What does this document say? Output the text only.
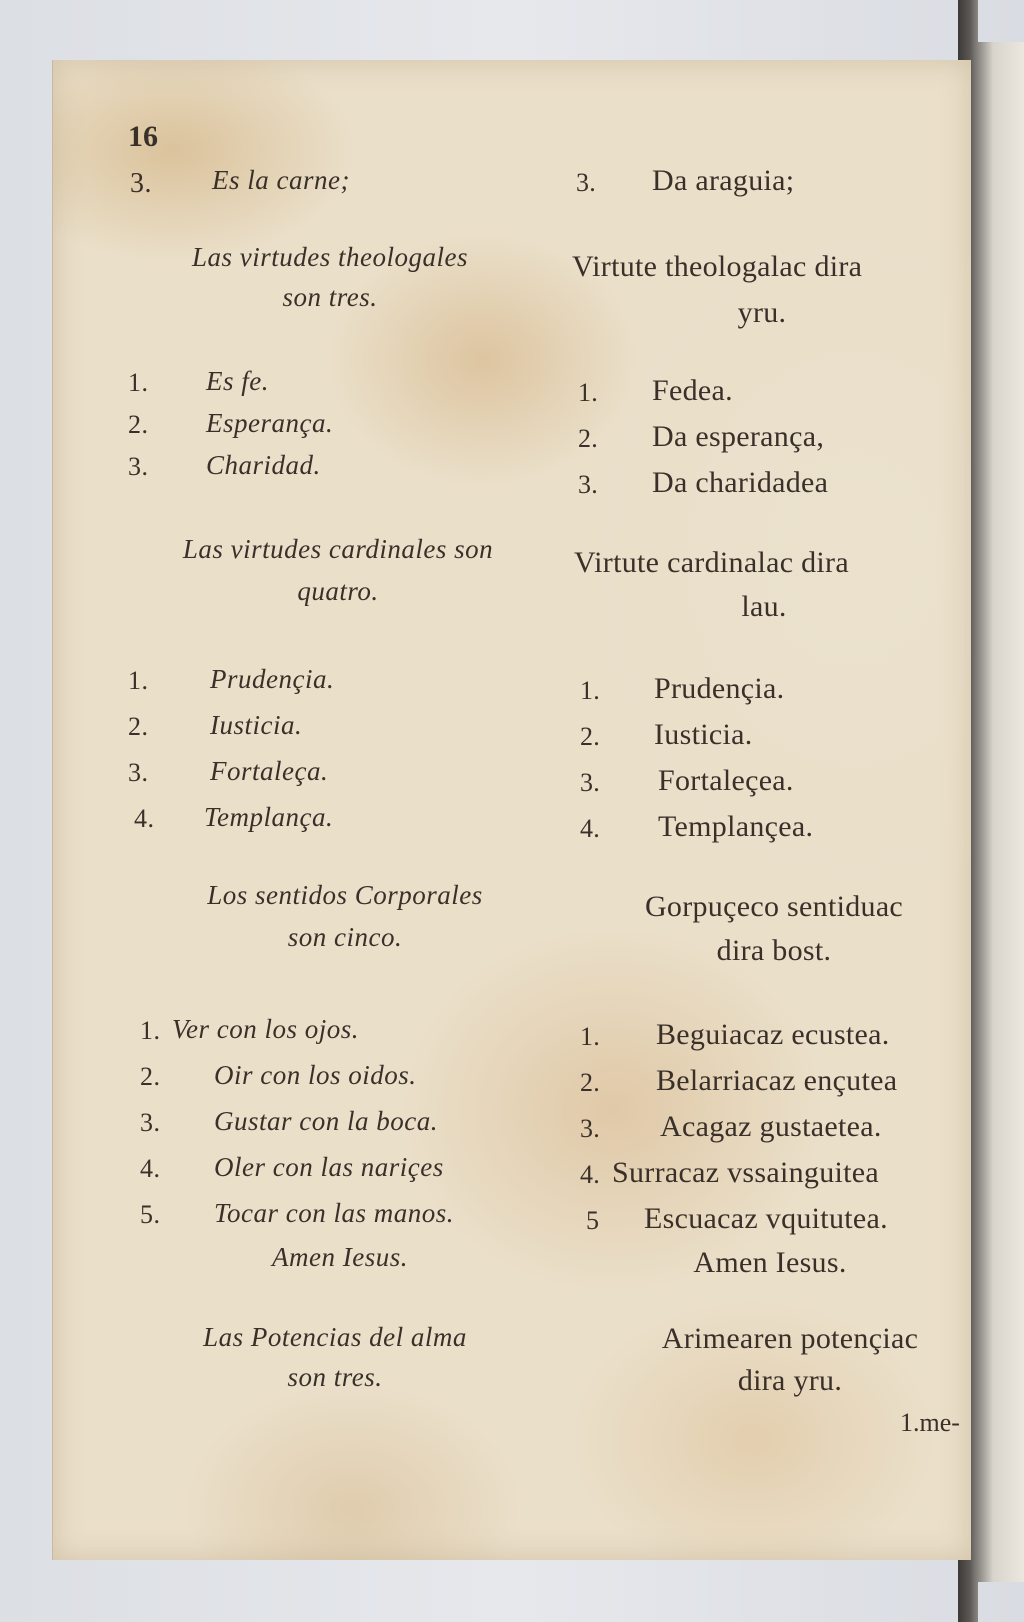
16
3. Es la carne;
Las virtudes theologales
son tres.
1. Es fe.
2. Esperança.
3. Charidad.
Las virtudes cardinales son
quatro.
1. Prudençia.
2. Iusticia.
3. Fortaleça.
4. Templança.
Los sentidos Corporales
son cinco.
1. Ver con los ojos.
2. Oir con los oidos.
3. Gustar con la boca.
4. Oler con las nariçes
5. Tocar con las manos.
Amen Iesus.
Las Potencias del alma
son tres.
3. Da araguia;
Virtute theologalac dira
yru.
1. Fedea.
2. Da esperança,
3. Da charidadea
Virtute cardinalac dira
lau.
1. Prudençia.
2. Iusticia.
3. Fortaleçea.
4. Templançea.
Gorpuçeco sentiduac
dira bost.
1. Beguiacaz ecustea.
2. Belarriacaz ençutea
3. Acagaz gustaetea.
4. Surracaz vssainguitea
5 Escuacaz vquitutea.
Amen Iesus.
Arimearen potençiac
dira yru.
1.me-
